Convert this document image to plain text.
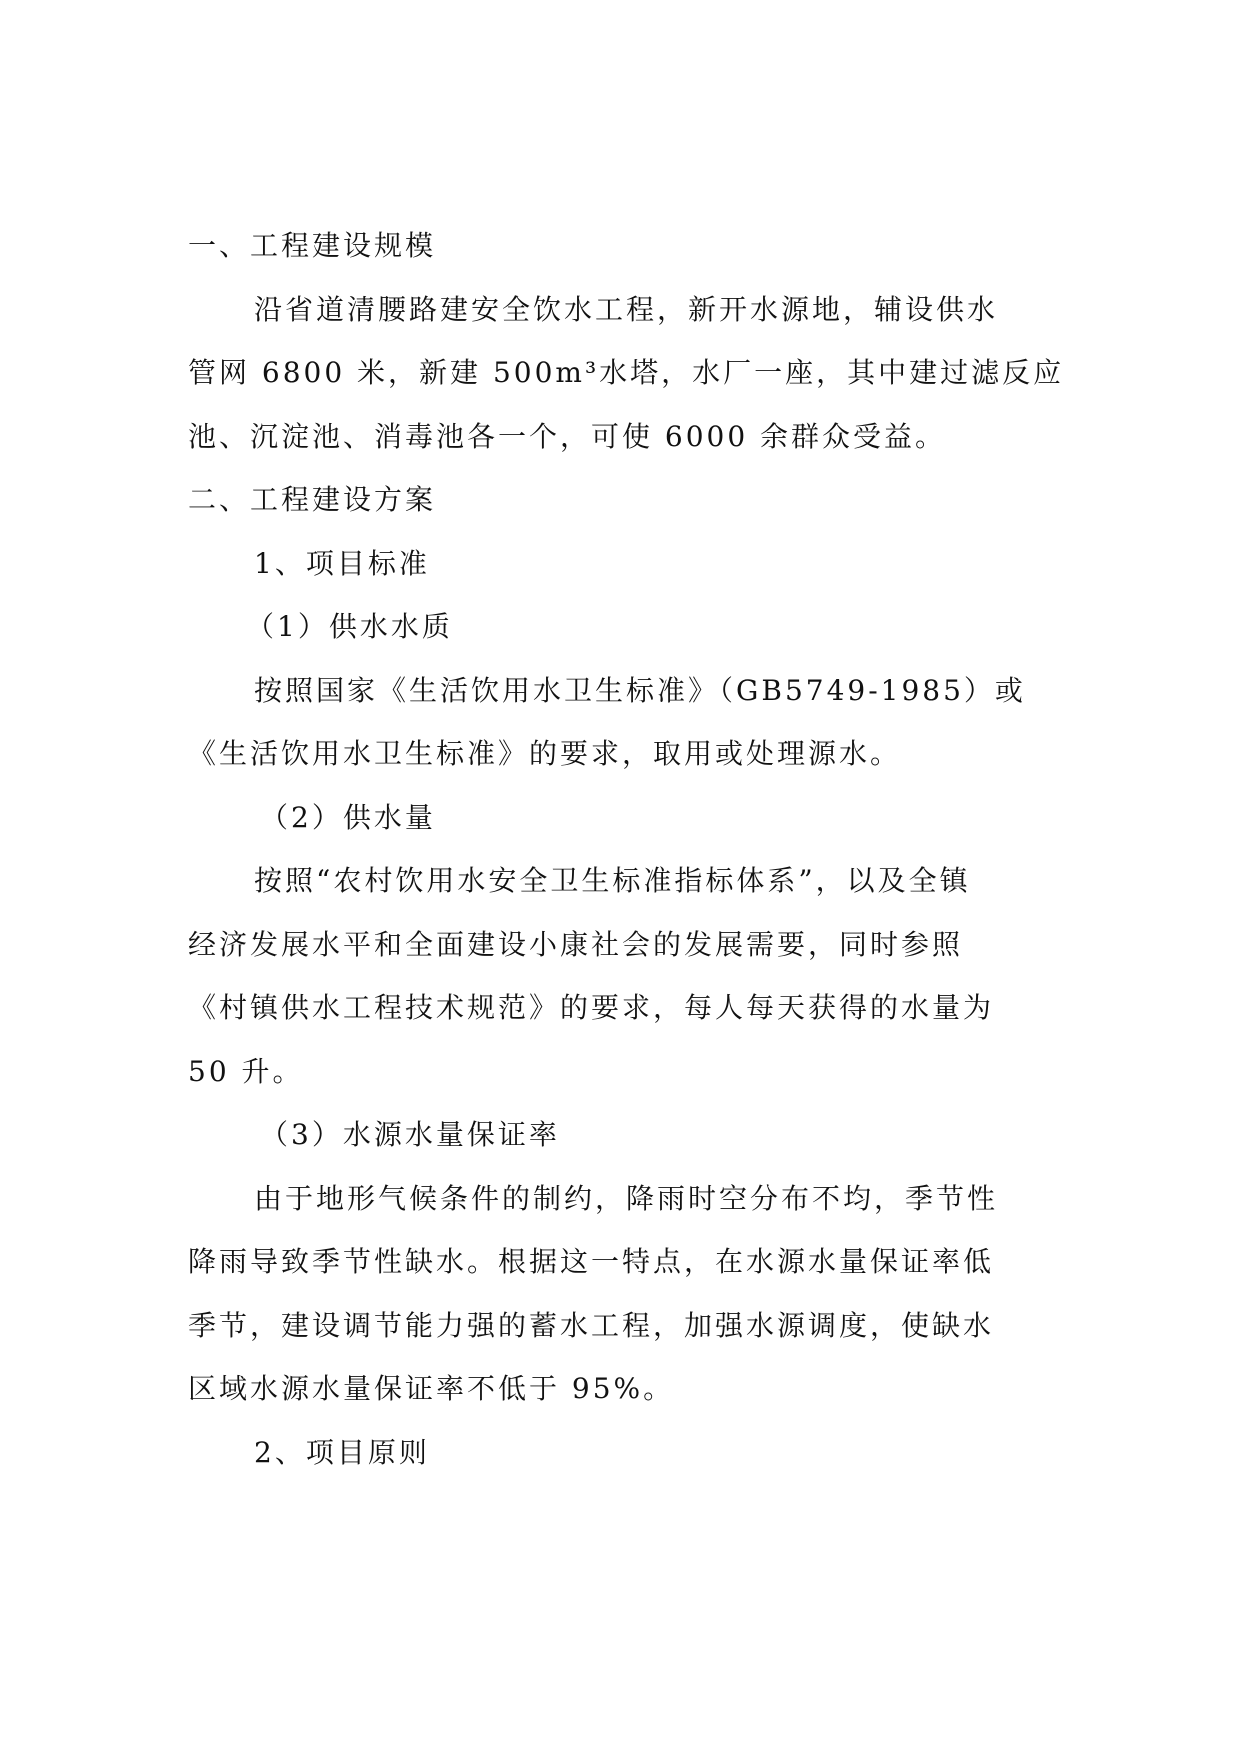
一、工程建设规模
沿省道清腰路建安全饮水工程，新开水源地，辅设供水
管网 6800 米，新建 500m³水塔，水厂一座，其中建过滤反应
池、沉淀池、消毒池各一个，可使 6000 余群众受益。
二、工程建设方案
1、项目标准
（1）供水水质
按照国家《生活饮用水卫生标准》（GB5749-1985）或
《生活饮用水卫生标准》的要求，取用或处理源水。
（2）供水量
按照“农村饮用水安全卫生标准指标体系”，以及全镇
经济发展水平和全面建设小康社会的发展需要，同时参照
《村镇供水工程技术规范》的要求，每人每天获得的水量为
50 升。
（3）水源水量保证率
由于地形气候条件的制约，降雨时空分布不均，季节性
降雨导致季节性缺水。根据这一特点，在水源水量保证率低
季节，建设调节能力强的蓄水工程，加强水源调度，使缺水
区域水源水量保证率不低于 95%。
2、项目原则
